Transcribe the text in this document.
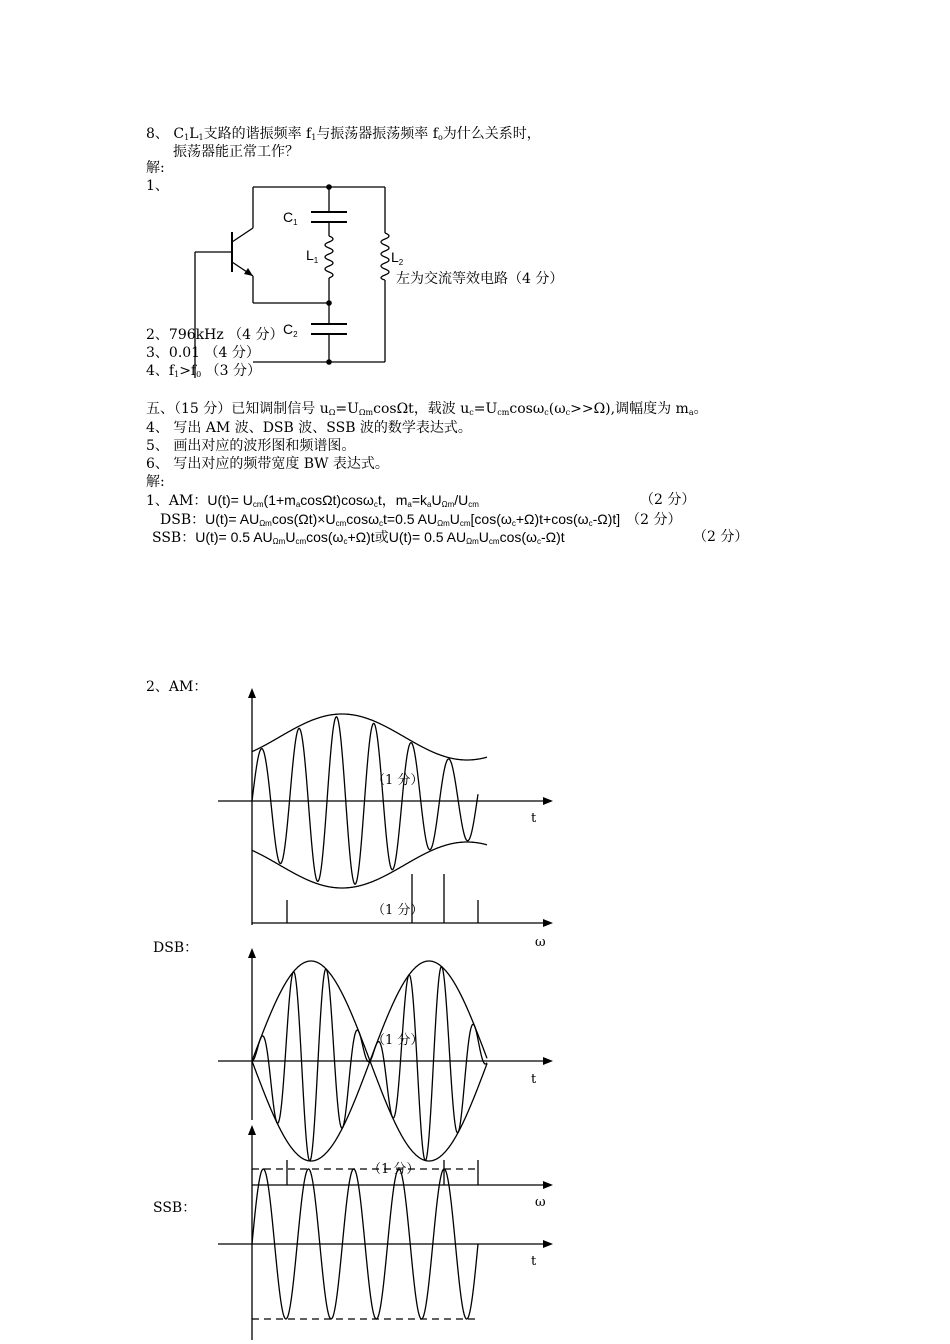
8、 C1L1支路的谐振频率 f1与振荡器振荡频率 fo为什么关系时，
振荡器能正常工作？
解:
1、
左为交流等效电路（4 分）
2、796kHz （4 分）
3、0.01 （4 分）
4、f1>f0 （3 分）
$C_1$
$L_1$	$L_2$
$C_2$
五、（15 分）已知调制信号 uΩ=UΩmcosΩt，载波 uc=Ucmcosωc(ωc>>Ω),调幅度为 ma。
4、 写出 AM 波、DSB 波、SSB 波的数学表达式。
5、 画出对应的波形图和频谱图。
6、 写出对应的频带宽度 BW 表达式。
解:
1、AM：U(t)= Ucm(1+macosΩt)cosωct，ma=kaUΩm/Ucm	（2 分）
DSB：U(t)= AUΩmcos(Ωt)×Ucmcosωct=0.5 AUΩmUcm[cos(ωc+Ω)t+cos(ωc-Ω)t] （2 分）
SSB：U(t)= 0.5 AUΩmUcmcos(ωc+Ω)t或U(t)= 0.5 AUΩmUcmcos(ωc-Ω)t	（2 分）
2、AM：
DSB：
SSB：
t
（1 分）
ω
（1 分）
t
（1 分）
ω
（1 分）
t
